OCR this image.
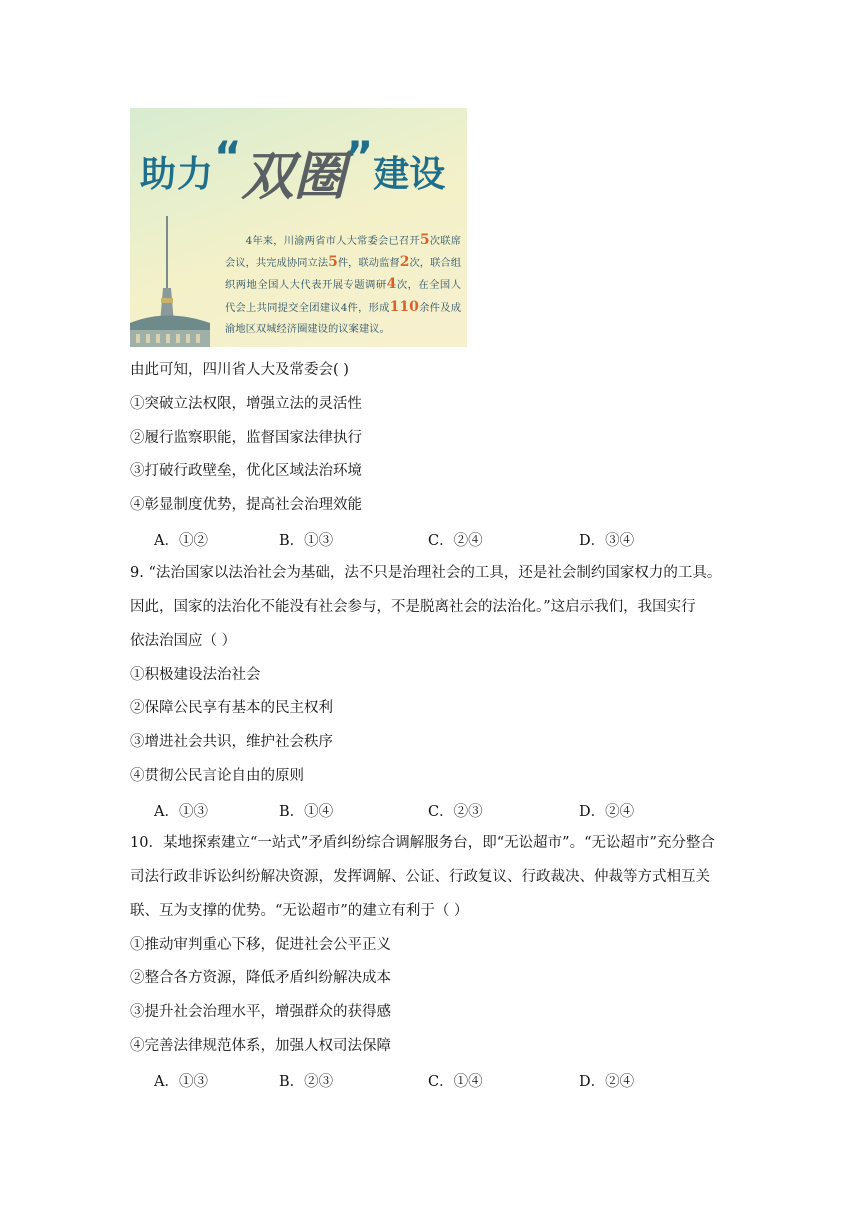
助力 “ 双圈 ” 建设
4年来，川渝两省市人大常委会已召开5次联席会议，共完成协同立法5件，联动监督2次，联合组织两地全国人大代表开展专题调研4次，在全国人代会上共同提交全团建议4件，形成110余件及成渝地区双城经济圈建设的议案建议。
由此可知，四川省人大及常委会( )
①突破立法权限，增强立法的灵活性
②履行监察职能，监督国家法律执行
③打破行政壁垒，优化区域法治环境
④彰显制度优势，提高社会治理效能
A．①②	B．①③	C．②④	D．③④
9. “法治国家以法治社会为基础，法不只是治理社会的工具，还是社会制约国家权力的工具。
因此，国家的法治化不能没有社会参与，不是脱离社会的法治化。”这启示我们，我国实行
依法治国应（ ）
①积极建设法治社会
②保障公民享有基本的民主权利
③增进社会共识，维护社会秩序
④贯彻公民言论自由的原则
A．①③	B．①④	C．②③	D．②④
10．某地探索建立“一站式”矛盾纠纷综合调解服务台，即“无讼超市”。“无讼超市”充分整合
司法行政非诉讼纠纷解决资源，发挥调解、公证、行政复议、行政裁决、仲裁等方式相互关
联、互为支撑的优势。“无讼超市”的建立有利于（ ）
①推动审判重心下移，促进社会公平正义
②整合各方资源，降低矛盾纠纷解决成本
③提升社会治理水平，增强群众的获得感
④完善法律规范体系，加强人权司法保障
A．①③	B．②③	C．①④	D．②④
